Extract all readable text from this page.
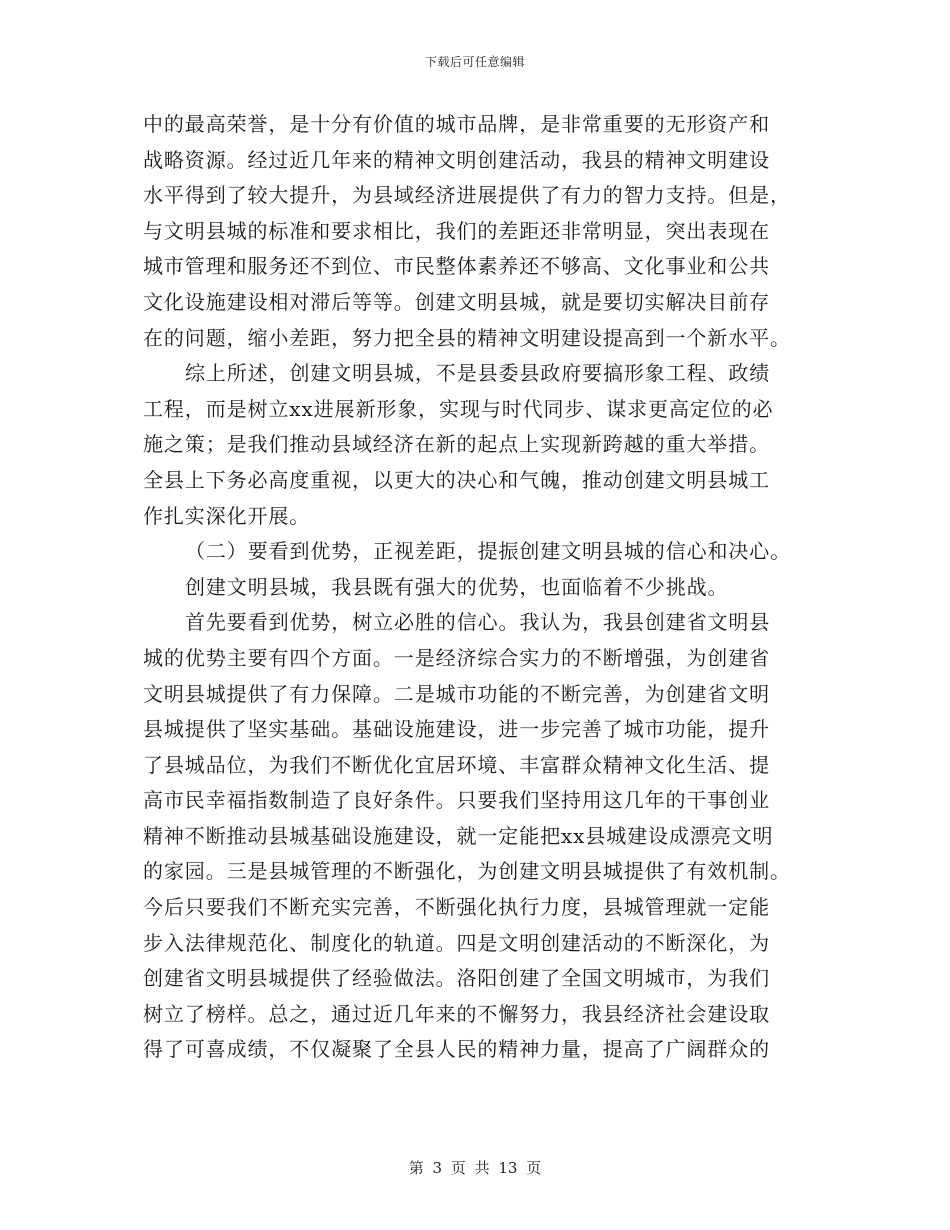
下载后可任意编辑
中的最高荣誉，是十分有价值的城市品牌，是非常重要的无形资产和
战略资源。经过近几年来的精神文明创建活动，我县的精神文明建设
水平得到了较大提升，为县域经济进展提供了有力的智力支持。但是，
与文明县城的标准和要求相比，我们的差距还非常明显，突出表现在
城市管理和服务还不到位、市民整体素养还不够高、文化事业和公共
文化设施建设相对滞后等等。创建文明县城，就是要切实解决目前存
在的问题，缩小差距，努力把全县的精神文明建设提高到一个新水平。
综上所述，创建文明县城，不是县委县政府要搞形象工程、政绩
工程，而是树立xx进展新形象，实现与时代同步、谋求更高定位的必
施之策；是我们推动县域经济在新的起点上实现新跨越的重大举措。
全县上下务必高度重视，以更大的决心和气魄，推动创建文明县城工
作扎实深化开展。
（二）要看到优势，正视差距，提振创建文明县城的信心和决心。
创建文明县城，我县既有强大的优势，也面临着不少挑战。
首先要看到优势，树立必胜的信心。我认为，我县创建省文明县
城的优势主要有四个方面。一是经济综合实力的不断增强，为创建省
文明县城提供了有力保障。二是城市功能的不断完善，为创建省文明
县城提供了坚实基础。基础设施建设，进一步完善了城市功能，提升
了县城品位，为我们不断优化宜居环境、丰富群众精神文化生活、提
高市民幸福指数制造了良好条件。只要我们坚持用这几年的干事创业
精神不断推动县城基础设施建设，就一定能把xx县城建设成漂亮文明
的家园。三是县城管理的不断强化，为创建文明县城提供了有效机制。
今后只要我们不断充实完善，不断强化执行力度，县城管理就一定能
步入法律规范化、制度化的轨道。四是文明创建活动的不断深化，为
创建省文明县城提供了经验做法。洛阳创建了全国文明城市，为我们
树立了榜样。总之，通过近几年来的不懈努力，我县经济社会建设取
得了可喜成绩，不仅凝聚了全县人民的精神力量，提高了广阔群众的
第 3 页 共 13 页
